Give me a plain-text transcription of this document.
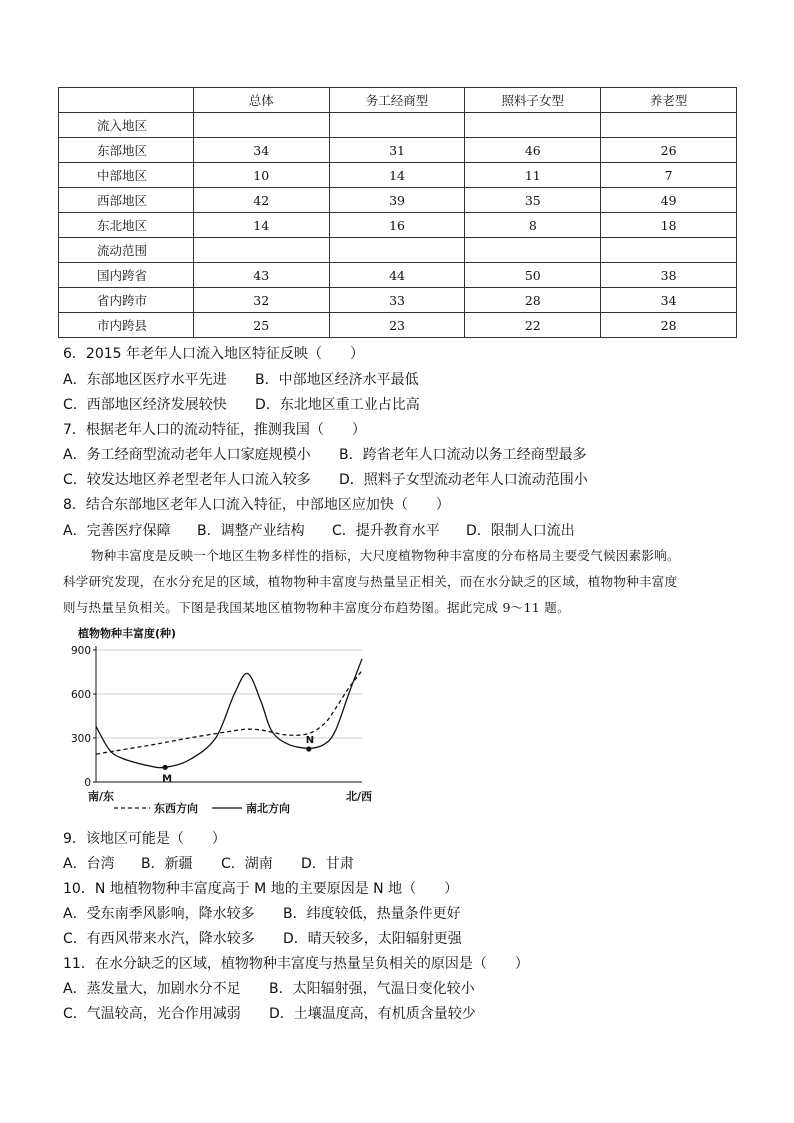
	总体	务工经商型	照料子女型	养老型
流入地区				
东部地区	34	31	46	26
中部地区	10	14	11	7
西部地区	42	39	35	49
东北地区	14	16	8	18
流动范围				
国内跨省	43	44	50	38
省内跨市	32	33	28	34
市内跨县	25	23	22	28
6．2015 年老年人口流入地区特征反映（　　）
A．东部地区医疗水平先进 B．中部地区经济水平最低
C．西部地区经济发展较快 D．东北地区重工业占比高
7．根据老年人口的流动特征，推测我国（　　）
A．务工经商型流动老年人口家庭规模小 B．跨省老年人口流动以务工经商型最多
C．较发达地区养老型老年人口流入较多 D．照料子女型流动老年人口流动范围小
8．结合东部地区老年人口流入特征，中部地区应加快（　　）
A．完善医疗保障 B．调整产业结构 C．提升教育水平 D．限制人口流出
物种丰富度是反映一个地区生物多样性的指标，大尺度植物物种丰富度的分布格局主要受气候因素影响。
科学研究发现，在水分充足的区域，植物物种丰富度与热量呈正相关，而在水分缺乏的区域，植物物种丰富度
则与热量呈负相关。下图是我国某地区植物物种丰富度分布趋势图。据此完成 9～11 题。
植物物种丰富度(种)
900
600
300
0	M
N
南/东	北/西
东西方向	南北方向
9．该地区可能是（　　）
A．台湾 B．新疆 C．湖南 D．甘肃
10．N 地植物物种丰富度高于 M 地的主要原因是 N 地（　　）
A．受东南季风影响，降水较多 B．纬度较低，热量条件更好
C．有西风带来水汽，降水较多 D．晴天较多，太阳辐射更强
11．在水分缺乏的区域，植物物种丰富度与热量呈负相关的原因是（　　）
A．蒸发量大，加剧水分不足 B．太阳辐射强，气温日变化较小
C．气温较高，光合作用减弱 D．土壤温度高，有机质含量较少
